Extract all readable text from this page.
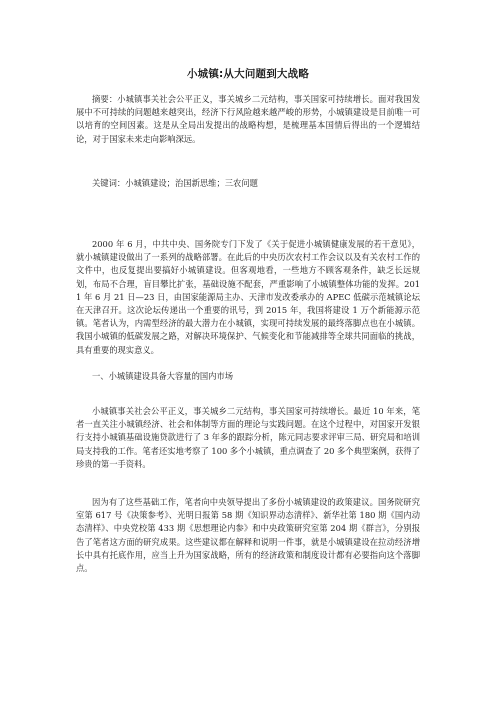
小城镇:从大问题到大战略
摘要：小城镇事关社会公平正义，事关城乡二元结构，事关国家可持续增长。面对我国发展中不可持续的问题越来越突出，经济下行风险越来越严峻的形势，小城镇建设是目前唯一可以培育的空间因素。这是从全局出发提出的战略构想，是梳理基本国情后得出的一个逻辑结论，对于国家未来走向影响深远。
关键词：小城镇建设；治国新思维；三农问题
2000 年 6 月，中共中央、国务院专门下发了《关于促进小城镇健康发展的若干意见》，就小城镇建设做出了一系列的战略部署。在此后的中央历次农村工作会议以及有关农村工作的文件中，也反复提出要搞好小城镇建设。但客观地看，一些地方不顾客观条件，缺乏长远规划，布局不合理，盲目攀比扩张，基础设施不配套，严重影响了小城镇整体功能的发挥。2011 年 6 月 21 日—23 日，由国家能源局主办、天津市发改委承办的 APEC 低碳示范城镇论坛在天津召开。这次论坛传递出一个重要的讯号，到 2015 年，我国将建设 1 万个新能源示范镇。笔者认为，内需型经济的最大潜力在小城镇，实现可持续发展的最终落脚点也在小城镇。我国小城镇的低碳发展之路，对解决环境保护、气候变化和节能减排等全球共同面临的挑战，具有重要的现实意义。
一、小城镇建设具备大容量的国内市场
小城镇事关社会公平正义，事关城乡二元结构，事关国家可持续增长。最近 10 年来，笔者一直关注小城镇经济、社会和体制等方面的理论与实践问题。在这个过程中，对国家开发银行支持小城镇基础设施贷款进行了 3 年多的跟踪分析，陈元同志要求评审三局、研究局和培训局支持我的工作。笔者还实地考察了 100 多个小城镇，重点调查了 20 多个典型案例，获得了珍贵的第一手资料。
因为有了这些基础工作，笔者向中央领导提出了多份小城镇建设的政策建议。国务院研究室第 617 号《决策参考》、光明日报第 58 期《知识界动态清样》、新华社第 180 期《国内动态清样》、中央党校第 433 期《思想理论内参》和中央政策研究室第 204 期《群言》，分别报告了笔者这方面的研究成果。这些建议都在解释和说明一件事，就是小城镇建设在拉动经济增长中具有托底作用，应当上升为国家战略，所有的经济政策和制度设计都有必要指向这个落脚点。
